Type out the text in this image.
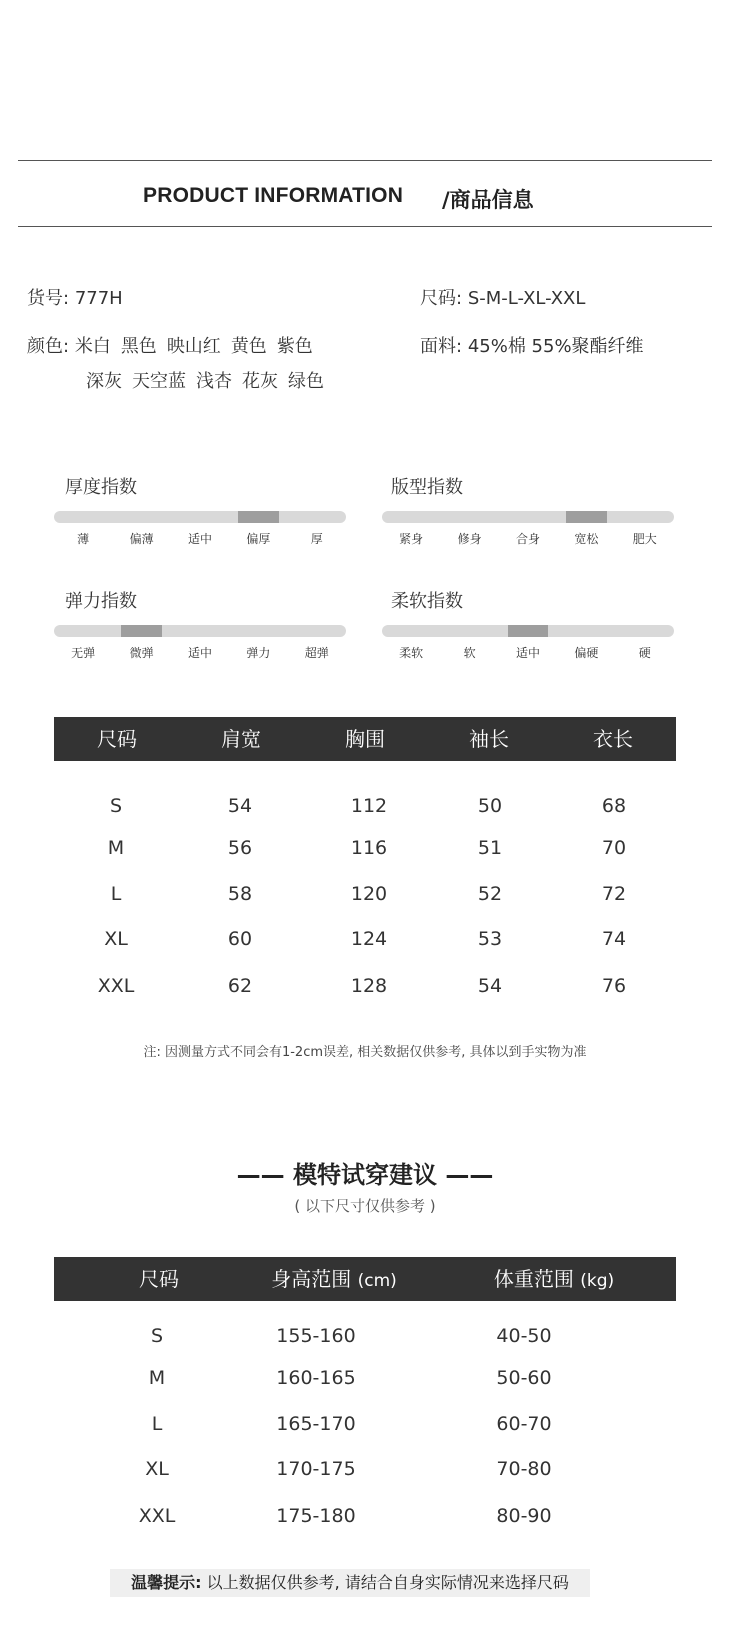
PRODUCT INFORMATION /商品信息
货号: 777H	尺码: S-M-L-XL-XXL
颜色: 米白 黑色 映山红 黄色 紫色
深灰 天空蓝 浅杏 花灰 绿色
面料: 45%棉 55%聚酯纤维
厚度指数	版型指数
弹力指数	柔软指数
尺码	肩宽	胸围	袖长	衣长
S	54	112	50	68
M	56	116	51	70
L	58	120	52	72
XL	60	124	53	74
XXL	62	128	54	76
注: 因测量方式不同会有1-2cm误差, 相关数据仅供参考, 具体以到手实物为准
—— 模特试穿建议 ——
( 以下尺寸仅供参考 )
尺码	身高范围 (cm)	体重范围 (kg)
S	155-160	40-50
M	160-165	50-60
L	165-170	60-70
XL	170-175	70-80
XXL	175-180	80-90
温馨提示: 以上数据仅供参考, 请结合自身实际情况来选择尺码
薄	偏薄	适中	偏厚	厚	紧身	修身	合身	宽松	肥大
无弹	微弹	适中	弹力	超弹	柔软	软	适中	偏硬	硬
